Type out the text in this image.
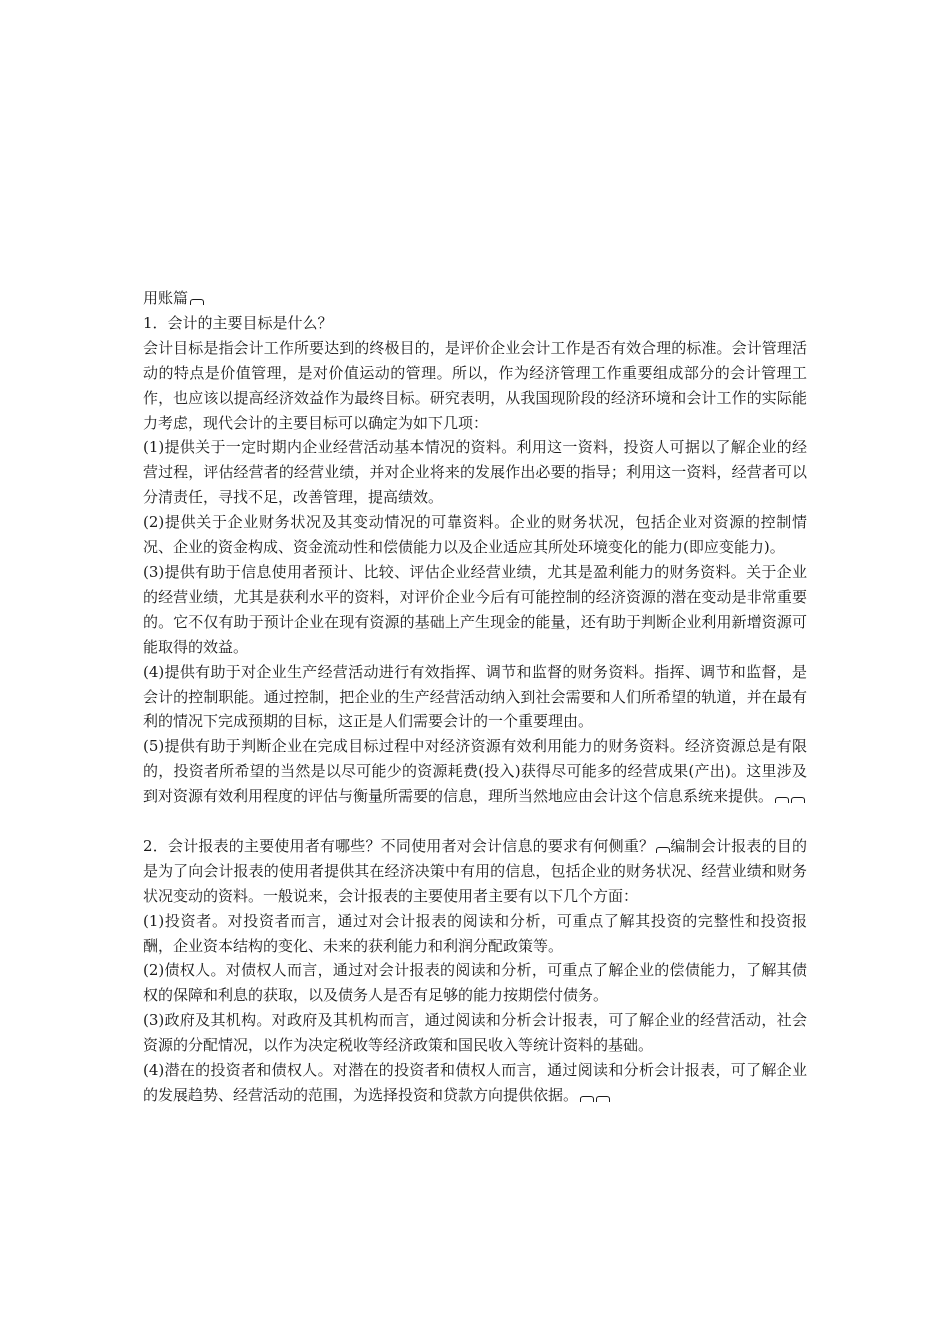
用账篇

1．会计的主要目标是什么？

会计目标是指会计工作所要达到的终极目的，是评价企业会计工作是否有效合理的标准。会计管理活动的特点是价值管理，是对价值运动的管理。所以，作为经济管理工作重要组成部分的会计管理工作，也应该以提高经济效益作为最终目标。研究表明，从我国现阶段的经济环境和会计工作的实际能力考虑，现代会计的主要目标可以确定为如下几项：

(1)提供关于一定时期内企业经营活动基本情况的资料。利用这一资料，投资人可据以了解企业的经营过程，评估经营者的经营业绩，并对企业将来的发展作出必要的指导；利用这一资料，经营者可以分清责任，寻找不足，改善管理，提高绩效。

(2)提供关于企业财务状况及其变动情况的可靠资料。企业的财务状况，包括企业对资源的控制情况、企业的资金构成、资金流动性和偿债能力以及企业适应其所处环境变化的能力(即应变能力)。

(3)提供有助于信息使用者预计、比较、评估企业经营业绩，尤其是盈利能力的财务资料。关于企业的经营业绩，尤其是获利水平的资料，对评价企业今后有可能控制的经济资源的潜在变动是非常重要的。它不仅有助于预计企业在现有资源的基础上产生现金的能量，还有助于判断企业利用新增资源可能取得的效益。

(4)提供有助于对企业生产经营活动进行有效指挥、调节和监督的财务资料。指挥、调节和监督，是会计的控制职能。通过控制，把企业的生产经营活动纳入到社会需要和人们所希望的轨道，并在最有利的情况下完成预期的目标，这正是人们需要会计的一个重要理由。

(5)提供有助于判断企业在完成目标过程中对经济资源有效利用能力的财务资料。经济资源总是有限的，投资者所希望的当然是以尽可能少的资源耗费(投入)获得尽可能多的经营成果(产出)。这里涉及到对资源有效利用程度的评估与衡量所需要的信息，理所当然地应由会计这个信息系统来提供。

2．会计报表的主要使用者有哪些？不同使用者对会计信息的要求有何侧重？ 编制会计报表的目的是为了向会计报表的使用者提供其在经济决策中有用的信息，包括企业的财务状况、经营业绩和财务状况变动的资料。一般说来，会计报表的主要使用者主要有以下几个方面：

(1)投资者。对投资者而言，通过对会计报表的阅读和分析，可重点了解其投资的完整性和投资报酬，企业资本结构的变化、未来的获利能力和利润分配政策等。

(2)债权人。对债权人而言，通过对会计报表的阅读和分析，可重点了解企业的偿债能力，了解其债权的保障和利息的获取，以及债务人是否有足够的能力按期偿付债务。

(3)政府及其机构。对政府及其机构而言，通过阅读和分析会计报表，可了解企业的经营活动，社会资源的分配情况，以作为决定税收等经济政策和国民收入等统计资料的基础。

(4)潜在的投资者和债权人。对潜在的投资者和债权人而言，通过阅读和分析会计报表，可了解企业的发展趋势、经营活动的范围，为选择投资和贷款方向提供依据。
